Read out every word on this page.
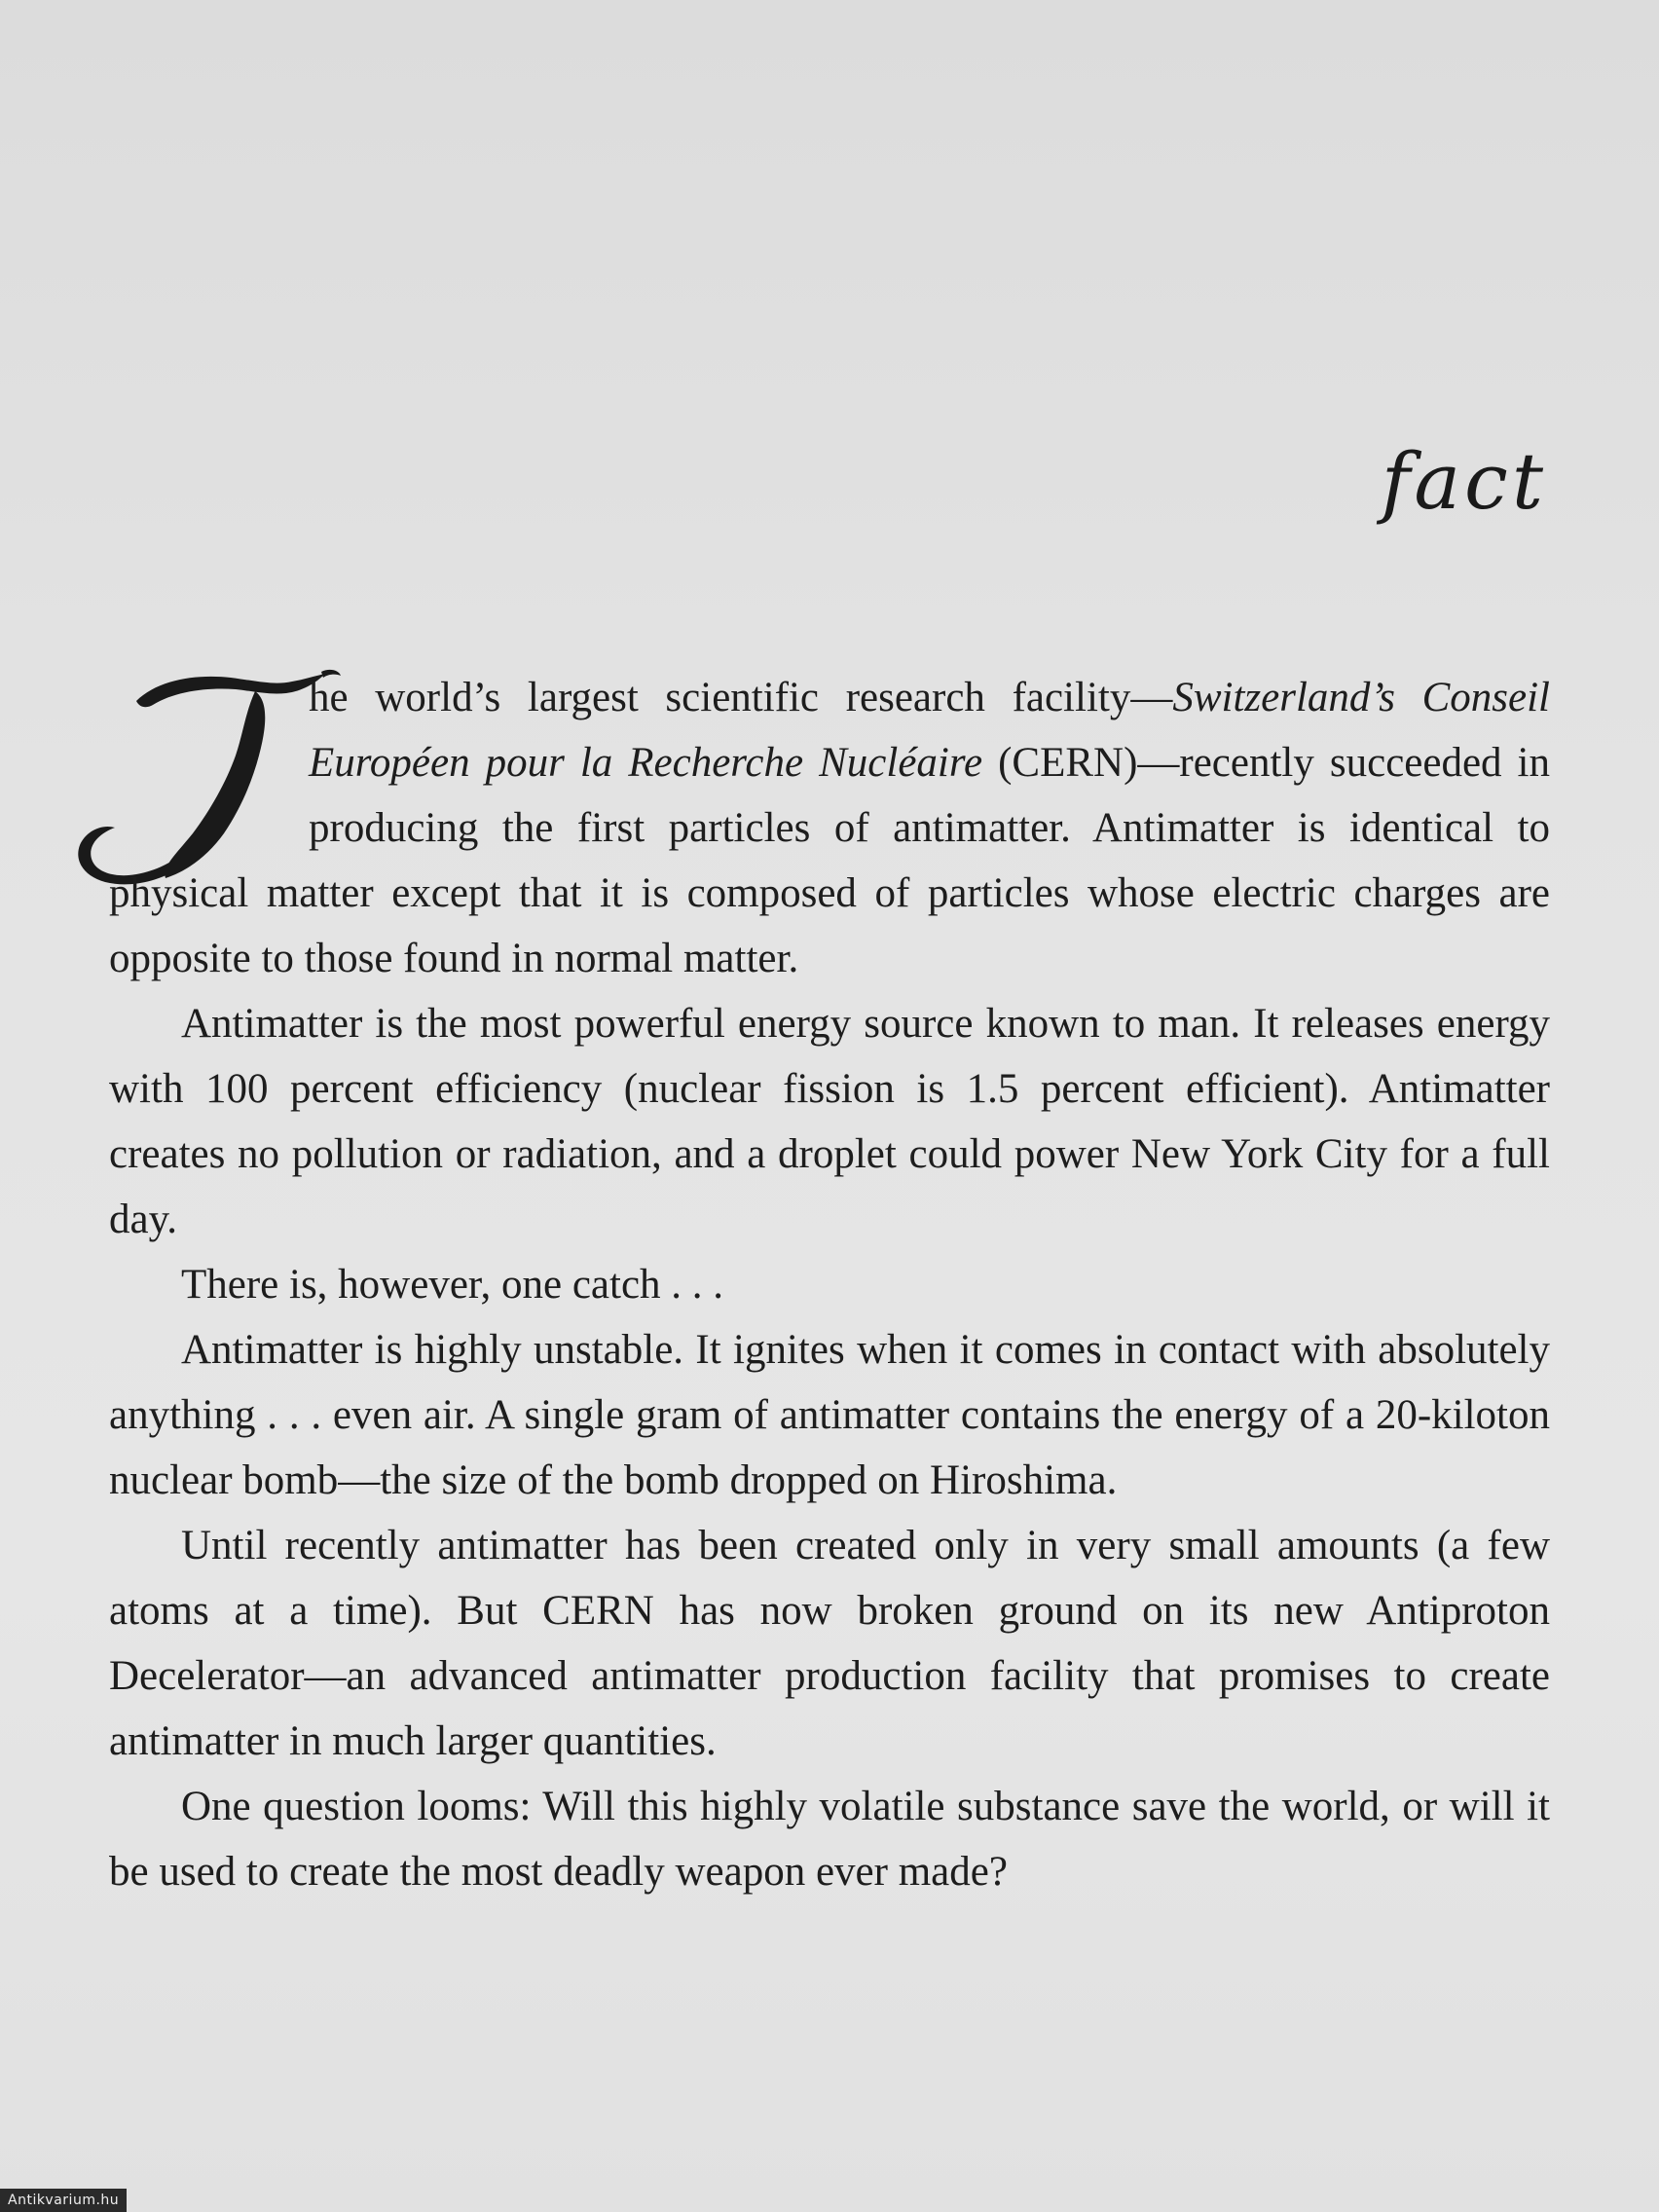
fact

he world’s largest scientific research facility—Switzerland’s Conseil Européen pour la Recherche Nucléaire (CERN)—recently succeeded in producing the first particles of antimatter. Antimatter is identical to physical matter except that it is composed of particles whose electric charges are opposite to those found in normal matter.

Antimatter is the most powerful energy source known to man. It releases energy with 100 percent efficiency (nuclear fission is 1.5 percent efficient). Antimatter creates no pollution or radiation, and a droplet could power New York City for a full day.

There is, however, one catch . . .

Antimatter is highly unstable. It ignites when it comes in contact with absolutely anything . . . even air. A single gram of antimatter contains the energy of a 20-kiloton nuclear bomb—the size of the bomb dropped on Hiroshima.

Until recently antimatter has been created only in very small amounts (a few atoms at a time). But CERN has now broken ground on its new Antiproton Decelerator—an advanced antimatter production facility that promises to create antimatter in much larger quantities.

One question looms: Will this highly volatile substance save the world, or will it be used to create the most deadly weapon ever made?

Antikvarium.hu
